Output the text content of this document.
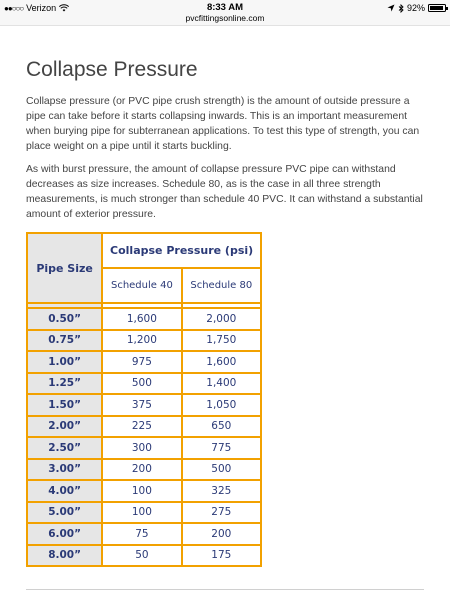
●●○○○ Verizon	8:33 AM
pvcfittingsonline.com
92%
Collapse Pressure

Collapse pressure (or PVC pipe crush strength) is the amount of outside pressure a pipe can take before it starts collapsing inwards. This is an important measurement when burying pipe for subterranean applications. To test this type of strength, you can place weight on a pipe until it starts buckling.

As with burst pressure, the amount of collapse pressure PVC pipe can withstand decreases as size increases. Schedule 80, as is the case in all three strength measurements, is much stronger than schedule 40 PVC. It can withstand a substantial amount of exterior pressure.

Pipe Size	Collapse Pressure (psi)	
	Schedule 40	Schedule 80

0.50”	1,600	2,000
0.75”	1,200	1,750
1.00”	975	1,600
1.25”	500	1,400
1.50”	375	1,050
2.00”	225	650
2.50”	300	775
3.00”	200	500
4.00”	100	325
5.00”	100	275
6.00”	75	200
8.00”	50	175
